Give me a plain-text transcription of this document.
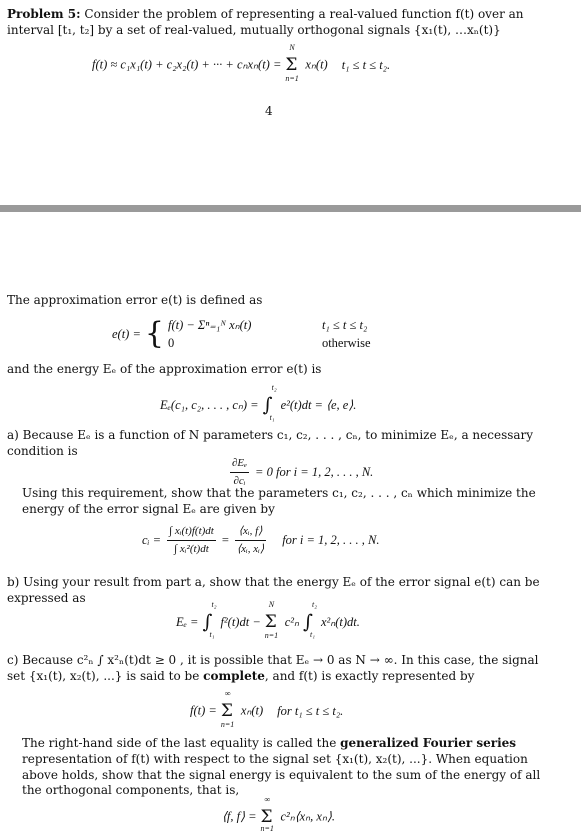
Problem 5: Consider the problem of representing a real-valued function f(t) over an interval [t₁, t₂] by a set of real-valued, mutually orthogonal signals {x₁(t), …xₙ(t)}
f(t) ≈ c₁x₁(t) + c₂x₂(t) + ··· + cₙxₙ(t) =
N
Σ
n=1
xₙ(t) t₁ ≤ t ≤ t₂.
4
The approximation error e(t) is defined as
e(t) = { f(t) − Σⁿ₌₁ᴺ xₙ(t)	t₁ ≤ t ≤ t₂
0	otherwise
and the energy Eₑ of the approximation error e(t) is
Eₑ(c₁, c₂, . . . , cₙ) =
t₂
∫
t₁
e²(t)dt = ⟨e, e⟩.
a) Because Eₑ is a function of N parameters c₁, c₂, . . . , cₙ, to minimize Eₑ, a necessary condition is
$\frac{\text{∂Eₑ}}{\text{∂cᵢ}} = 0$ for i = 1, 2, . . . , N.
Using this requirement, show that the parameters c₁, c₂, . . . , cₙ which minimize the energy of the error signal Eₑ are given by
cᵢ = $\frac{\text{∫ xᵢ(t)f(t)dt}}{\text{∫ xᵢ²(t)dt}} = \frac{\text{⟨xᵢ, f⟩}}{\text{⟨xᵢ, xᵢ⟩}}$ for i = 1, 2, . . . , N.
b) Using your result from part a, show that the energy Eₑ of the error signal e(t) can be expressed as
Eₑ =
t₂
∫
t₁
f²(t)dt −
N
Σ
n=1
c²ₙ
t₂
∫
t₁
x²ₙ(t)dt.
c) Because c²ₙ ∫ x²ₙ(t)dt ≥ 0 , it is possible that Eₑ → 0 as N → ∞. In this case, the signal set {x₁(t), x₂(t), ...} is said to be complete, and f(t) is exactly represented by
f(t) =
∞
Σ
n=1
xₙ(t) for t₁ ≤ t ≤ t₂.
The right-hand side of the last equality is called the generalized Fourier series representation of f(t) with respect to the signal set {x₁(t), x₂(t), ...}. When equation above holds, show that the signal energy is equivalent to the sum of the energy of all the orthogonal components, that is,
⟨f, f⟩ =
∞
Σ
n=1
c²ₙ⟨xₙ, xₙ⟩.
